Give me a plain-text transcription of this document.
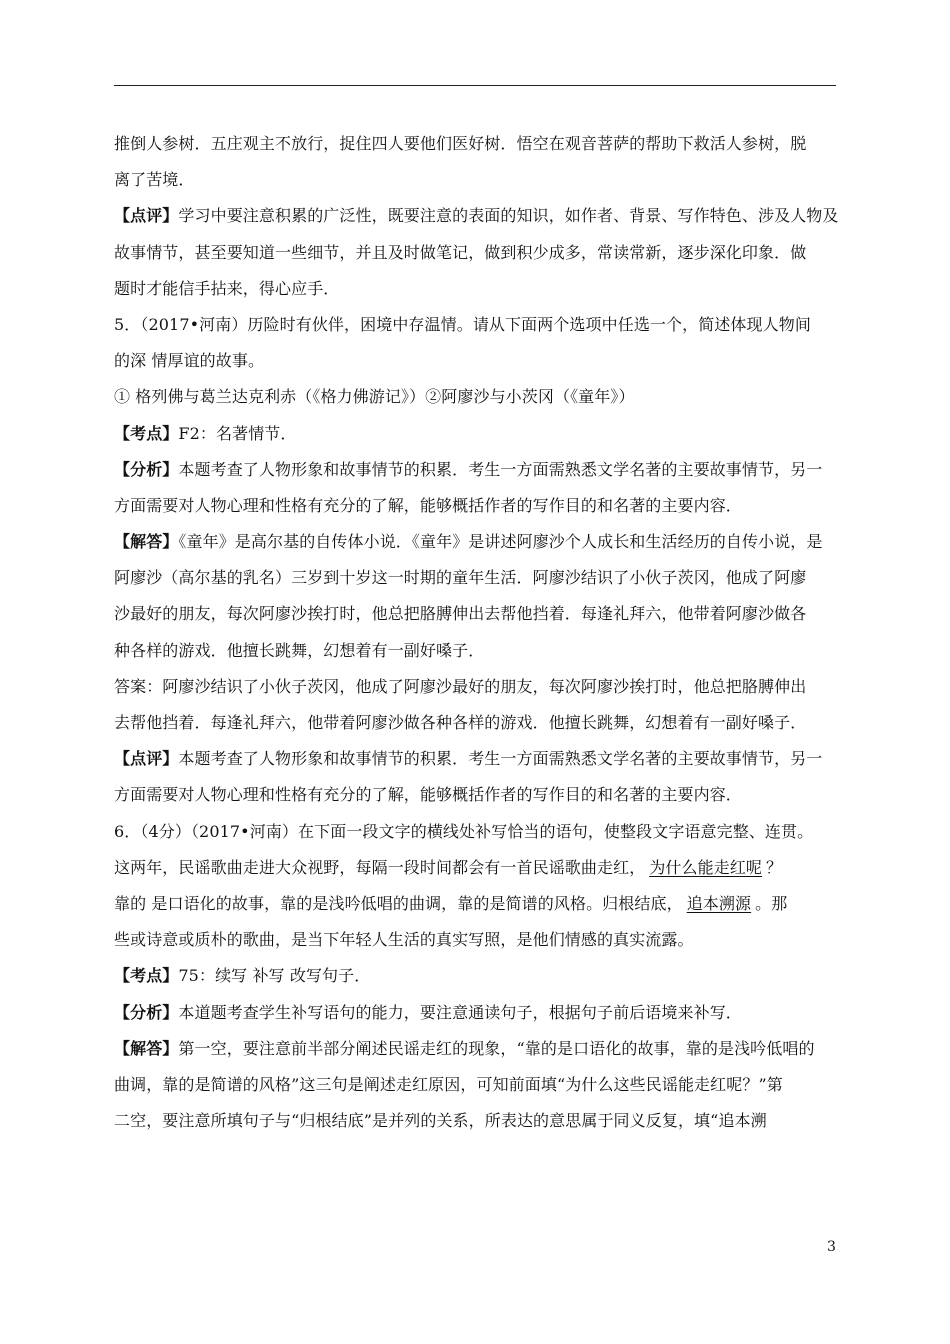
推倒人参树．五庄观主不放行，捉住四人要他们医好树．悟空在观音菩萨的帮助下救活人参树，脱
离了苦境．
【点评】学习中要注意积累的广泛性，既要注意的表面的知识，如作者、背景、写作特色、涉及人物及
故事情节，甚至要知道一些细节，并且及时做笔记，做到积少成多，常读常新，逐步深化印象．做
题时才能信手拈来，得心应手．
5．（2017•河南）历险时有伙伴，困境中存温情。请从下面两个选项中任选一个，简述体现人物间
的深 情厚谊的故事。
① 格列佛与葛兰达克利赤（《格力佛游记》）②阿廖沙与小茨冈（《童年》）
【考点】F2：名著情节．
【分析】本题考查了人物形象和故事情节的积累．考生一方面需熟悉文学名著的主要故事情节，另一
方面需要对人物心理和性格有充分的了解，能够概括作者的写作目的和名著的主要内容．
【解答】《童年》是高尔基的自传体小说．《童年》是讲述阿廖沙个人成长和生活经历的自传小说，是
阿廖沙（高尔基的乳名）三岁到十岁这一时期的童年生活．阿廖沙结识了小伙子茨冈，他成了阿廖
沙最好的朋友，每次阿廖沙挨打时，他总把胳膊伸出去帮他挡着．每逢礼拜六，他带着阿廖沙做各
种各样的游戏．他擅长跳舞，幻想着有一副好嗓子．
答案：阿廖沙结识了小伙子茨冈，他成了阿廖沙最好的朋友，每次阿廖沙挨打时，他总把胳膊伸出
去帮他挡着．每逢礼拜六，他带着阿廖沙做各种各样的游戏．他擅长跳舞，幻想着有一副好嗓子．
【点评】本题考查了人物形象和故事情节的积累．考生一方面需熟悉文学名著的主要故事情节，另一
方面需要对人物心理和性格有充分的了解，能够概括作者的写作目的和名著的主要内容．
6．（4分）（2017•河南）在下面一段文字的横线处补写恰当的语句，使整段文字语意完整、连贯。
这两年，民谣歌曲走进大众视野，每隔一段时间都会有一首民谣歌曲走红， 为什么能走红呢 ？
靠的 是口语化的故事，靠的是浅吟低唱的曲调，靠的是简谱的风格。归根结底， 追本溯源 。那
些或诗意或质朴的歌曲，是当下年轻人生活的真实写照，是他们情感的真实流露。
【考点】75：续写 补写 改写句子．
【分析】本道题考查学生补写语句的能力，要注意通读句子，根据句子前后语境来补写．
【解答】第一空，要注意前半部分阐述民谣走红的现象，“靠的是口语化的故事，靠的是浅吟低唱的
曲调，靠的是简谱的风格”这三句是阐述走红原因，可知前面填“为什么这些民谣能走红呢？”第
二空，要注意所填句子与“归根结底”是并列的关系，所表达的意思属于同义反复，填“追本溯
3
